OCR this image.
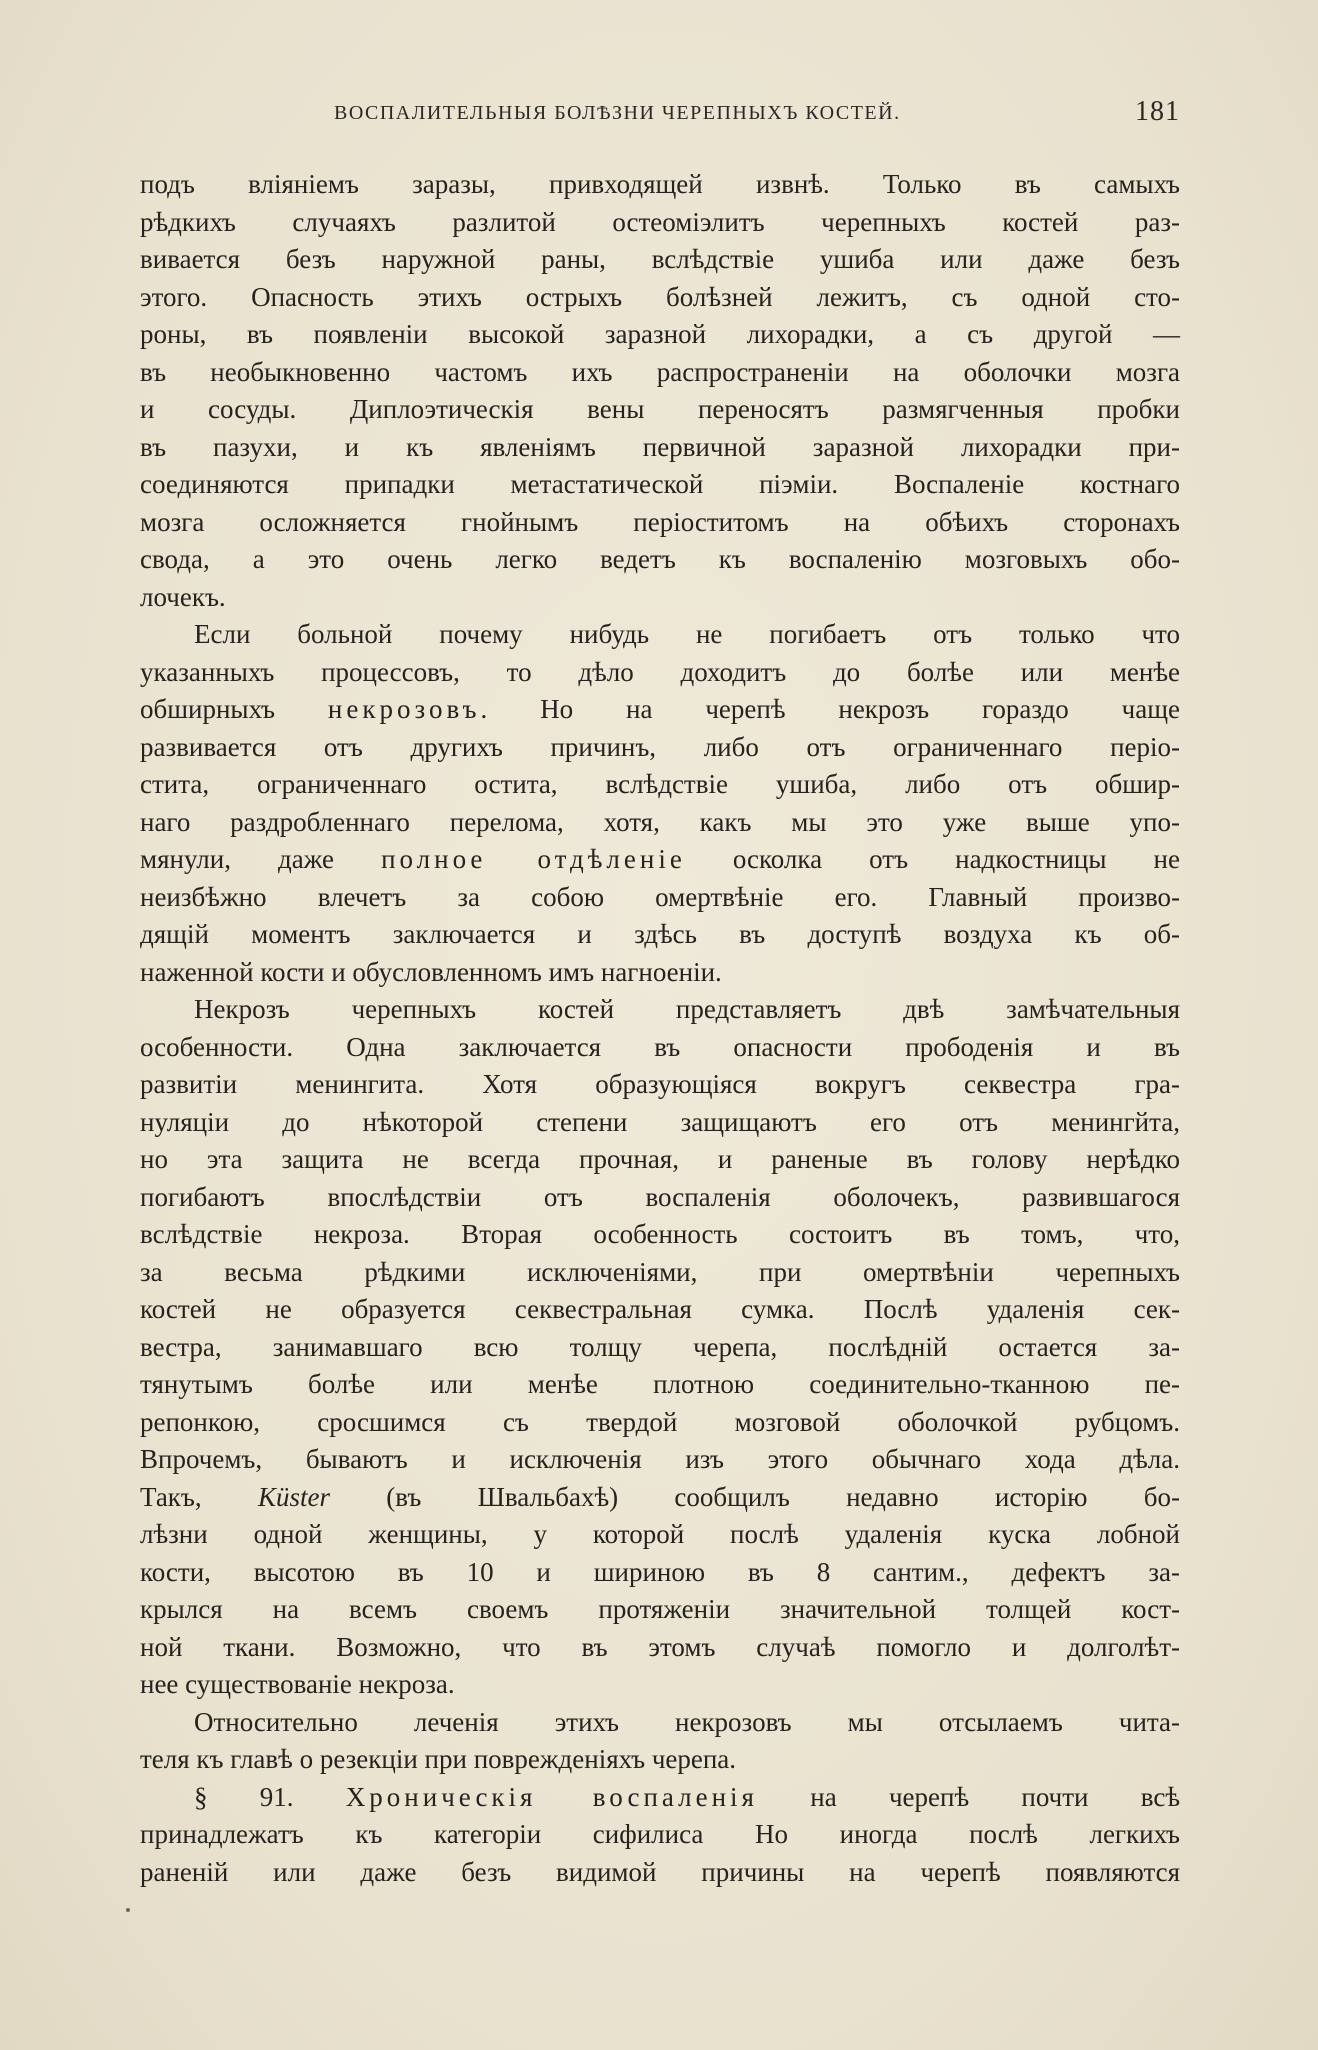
ВОСПАЛИТЕЛЬНЫЯ БОЛѢЗНИ ЧЕРЕПНЫХЪ КОСТЕЙ.	181
подъ вліяніемъ заразы, привходящей извнѣ. Только въ самыхъ
рѣдкихъ случаяхъ разлитой остеоміэлитъ черепныхъ костей раз-
вивается безъ наружной раны, вслѣдствіе ушиба или даже безъ
этого. Опасность этихъ острыхъ болѣзней лежитъ, съ одной сто-
роны, въ появленіи высокой заразной лихорадки, а съ другой —
въ необыкновенно частомъ ихъ распространеніи на оболочки мозга
и сосуды. Диплоэтическія вены переносятъ размягченныя пробки
въ пазухи, и къ явленіямъ первичной заразной лихорадки при-
соединяются припадки метастатической піэміи. Воспаленіе костнаго
мозга осложняется гнойнымъ періоститомъ на обѣихъ сторонахъ
свода, а это очень легко ведетъ къ воспаленію мозговыхъ обо-
лочекъ.
Если больной почему нибудь не погибаетъ отъ только что
указанныхъ процессовъ, то дѣло доходитъ до болѣе или менѣе
обширныхъ некрозовъ. Но на черепѣ некрозъ гораздо чаще
развивается отъ другихъ причинъ, либо отъ ограниченнаго періо-
стита, ограниченнаго остита, вслѣдствіе ушиба, либо отъ обшир-
наго раздробленнаго перелома, хотя, какъ мы это уже выше упо-
мянули, даже полное отдѣленіе осколка отъ надкостницы не
неизбѣжно влечетъ за собою омертвѣніе его. Главный произво-
дящій моментъ заключается и здѣсь въ доступѣ воздуха къ об-
наженной кости и обусловленномъ имъ нагноеніи.
Некрозъ черепныхъ костей представляетъ двѣ замѣчательныя
особенности. Одна заключается въ опасности прободенія и въ
развитіи менингита. Хотя образующіяся вокругъ секвестра гра-
нуляціи до нѣкоторой степени защищаютъ его отъ менингйта,
но эта защита не всегда прочная, и раненые въ голову нерѣдко
погибаютъ впослѣдствіи отъ воспаленія оболочекъ, развившагося
вслѣдствіе некроза. Вторая особенность состоитъ въ томъ, что,
за весьма рѣдкими исключеніями, при омертвѣніи черепныхъ
костей не образуется секвестральная сумка. Послѣ удаленія сек-
вестра, занимавшаго всю толщу черепа, послѣдній остается за-
тянутымъ болѣе или менѣе плотною соединительно-тканною пе-
репонкою, сросшимся съ твердой мозговой оболочкой рубцомъ.
Впрочемъ, бываютъ и исключенія изъ этого обычнаго хода дѣла.
Такъ, Küster (въ Швальбахѣ) сообщилъ недавно исторію бо-
лѣзни одной женщины, у которой послѣ удаленія куска лобной
кости, высотою въ 10 и шириною въ 8 сантим., дефектъ за-
крылся на всемъ своемъ протяженіи значительной толщей кост-
ной ткани. Возможно, что въ этомъ случаѣ помогло и долголѣт-
нее существованіе некроза.
Относительно леченія этихъ некрозовъ мы отсылаемъ чита-
теля къ главѣ о резекціи при поврежденіяхъ черепа.
§ 91. Хроническія воспаленія на черепѣ почти всѣ
принадлежатъ къ категоріи сифилиса Но иногда послѣ легкихъ
раненій или даже безъ видимой причины на черепѣ появляются
